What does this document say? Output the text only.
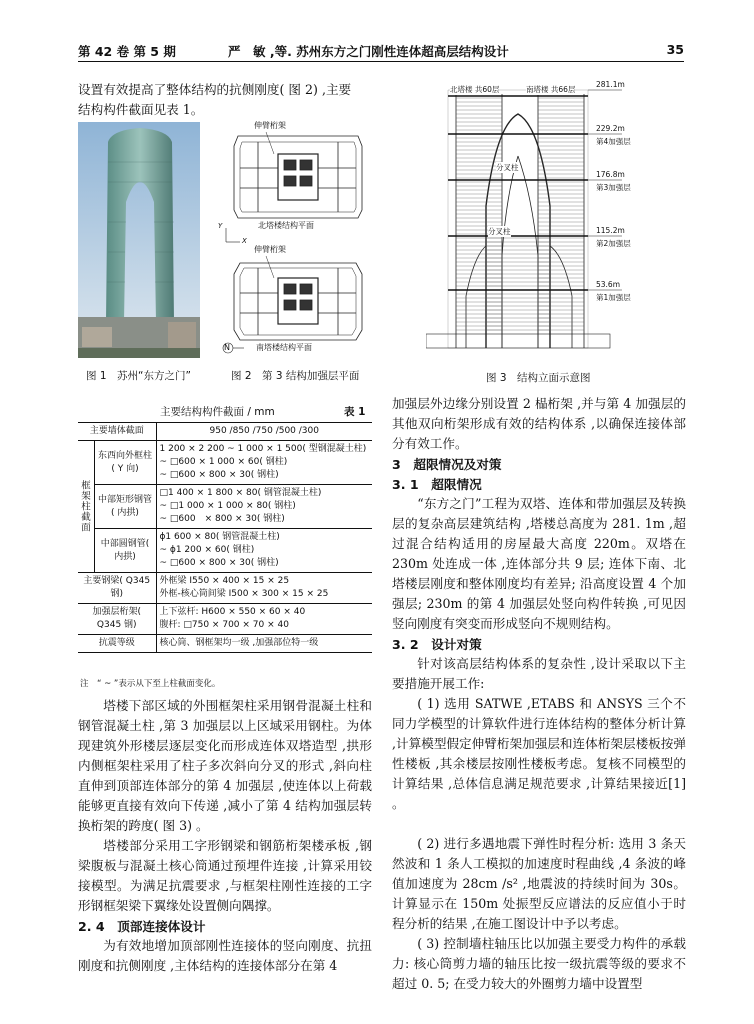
第 42 卷 第 5 期	严　敏 ,等. 苏州东方之门刚性连体超高层结构设计	35
设置有效提高了整体结构的抗侧刚度( 图 2) ,主要
结构构件截面见表 1。
伸臂桁架
北塔楼结构平面
Y
X
伸臂桁架
N	南塔楼结构平面
图 1　苏州“东方之门”	图 2　第 3 结构加强层平面
主要结构构件截面 / mm	表 1
主要墙体截面		950 /850 /750 /500 /300

框架柱截面	东西向外框柱( Y 向)	1 200 × 2 200 ~ 1 000 × 1 500( 型钢混凝土柱)
~ □600 × 1 000 × 60( 钢柱)
~ □600 × 800 × 30( 钢柱)

	中部矩形钢管( 内拱)	□1 400 × 1 800 × 80( 钢管混凝土柱)
~ □1 000 × 1 000 × 80( 钢柱)
~ □600　× 800 × 30( 钢柱)

	中部圆钢管( 内拱)	ϕ1 600 × 80( 钢管混凝土柱)
~ ϕ1 200 × 60( 钢柱)
~ □600 × 800 × 30( 钢柱)

主要钢梁( Q345 钢)		外框梁 I550 × 400 × 15 × 25
外框-核心筒间梁 I500 × 300 × 15 × 25

加强层桁架( Q345 钢)		上下弦杆: H600 × 550 × 60 × 40
腹杆: □750 × 700 × 70 × 40

抗震等级		核心筒、钢框架均一级 ,加强部位特一级
注　“ ~ ”表示从下至上柱截面变化。
塔楼下部区域的外围框架柱采用钢骨混凝土柱和钢管混凝土柱 ,第 3 加强层以上区域采用钢柱。为体现建筑外形楼层逐层变化而形成连体双塔造型 ,拱形内侧框架柱采用了柱子多次斜向分叉的形式 ,斜向柱直伸到顶部连体部分的第 4 加强层 ,使连体以上荷载能够更直接有效向下传递 ,减小了第 4 结构加强层转换桁架的跨度( 图 3) 。
塔楼部分采用工字形钢梁和钢筋桁架楼承板 ,钢梁腹板与混凝土核心筒通过预埋件连接 ,计算采用铰接模型。为满足抗震要求 ,与框架柱刚性连接的工字形钢框架梁下翼缘处设置侧向隅撑。
2. 4　顶部连接体设计
为有效地增加顶部刚性连接体的竖向刚度、抗扭刚度和抗侧刚度 ,主体结构的连接体部分在第 4
北塔楼 共60层	南塔楼 共66层
分叉柱
分叉柱
281.1m
229.2m
第4加强层
176.8m
第3加强层
115.2m
第2加强层
53.6m
第1加强层
图 3　结构立面示意图
加强层外边缘分别设置 2 榀桁架 ,并与第 4 加强层的其他双向桁架形成有效的结构体系 ,以确保连接体部分有效工作。
3　超限情况及对策
3. 1　超限情况
“东方之门”工程为双塔、连体和带加强层及转换层的复杂高层建筑结构 ,塔楼总高度为 281. 1m ,超过混合结构适用的房屋最大高度 220m。双塔在 230m 处连成一体 ,连体部分共 9 层; 连体下南、北塔楼层刚度和整体刚度均有差异; 沿高度设置 4 个加强层; 230m 的第 4 加强层处竖向构件转换 ,可见因竖向刚度有突变而形成竖向不规则结构。
3. 2　设计对策
针对该高层结构体系的复杂性 ,设计采取以下主要措施开展工作:
( 1) 选用 SATWE ,ETABS 和 ANSYS 三个不同力学模型的计算软件进行连体结构的整体分析计算 ,计算模型假定伸臂桁架加强层和连体桁架层楼板按弹性楼板 ,其余楼层按刚性楼板考虑。复核不同模型的计算结果 ,总体信息满足规范要求 ,计算结果接近[1] 。
( 2) 进行多遇地震下弹性时程分析: 选用 3 条天然波和 1 条人工模拟的加速度时程曲线 ,4 条波的峰值加速度为 28cm /s² ,地震波的持续时间为 30s。计算显示在 150m 处振型反应谱法的反应值小于时程分析的结果 ,在施工图设计中予以考虑。
( 3) 控制墙柱轴压比以加强主要受力构件的承载力: 核心筒剪力墙的轴压比按一级抗震等级的要求不超过 0. 5; 在受力较大的外圈剪力墙中设置型
